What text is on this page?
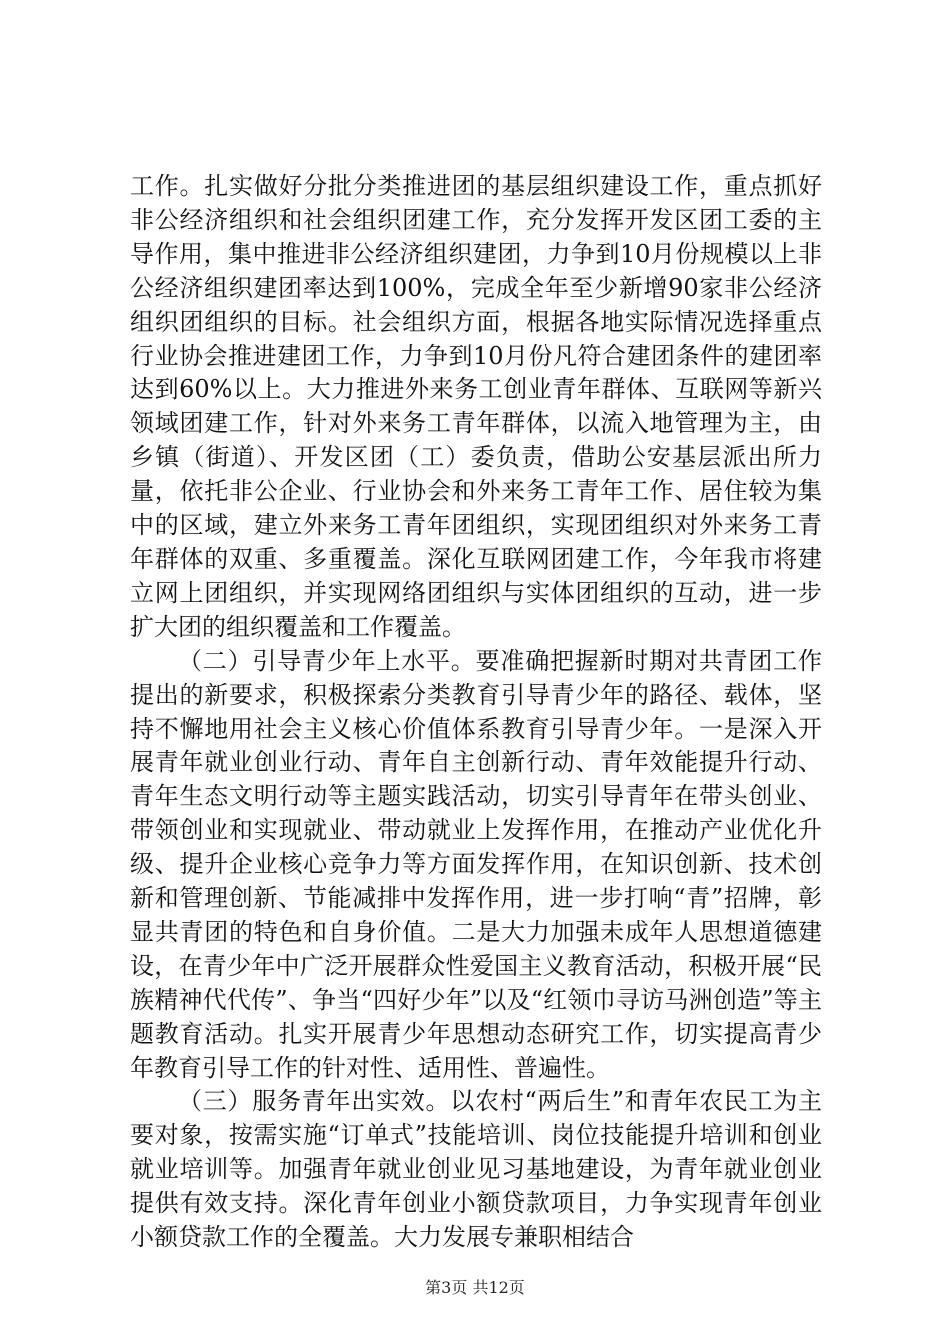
工作。扎实做好分批分类推进团的基层组织建设工作，重点抓好非公经济组织和社会组织团建工作，充分发挥开发区团工委的主导作用，集中推进非公经济组织建团，力争到10月份规模以上非公经济组织建团率达到100%，完成全年至少新增90家非公经济组织团组织的目标。社会组织方面，根据各地实际情况选择重点行业协会推进建团工作，力争到10月份凡符合建团条件的建团率达到60%以上。大力推进外来务工创业青年群体、互联网等新兴领域团建工作，针对外来务工青年群体，以流入地管理为主，由乡镇（街道）、开发区团（工）委负责，借助公安基层派出所力量，依托非公企业、行业协会和外来务工青年工作、居住较为集中的区域，建立外来务工青年团组织，实现团组织对外来务工青年群体的双重、多重覆盖。深化互联网团建工作，今年我市将建立网上团组织，并实现网络团组织与实体团组织的互动，进一步扩大团的组织覆盖和工作覆盖。

（二）引导青少年上水平。要准确把握新时期对共青团工作提出的新要求，积极探索分类教育引导青少年的路径、载体，坚持不懈地用社会主义核心价值体系教育引导青少年。一是深入开展青年就业创业行动、青年自主创新行动、青年效能提升行动、青年生态文明行动等主题实践活动，切实引导青年在带头创业、带领创业和实现就业、带动就业上发挥作用，在推动产业优化升级、提升企业核心竞争力等方面发挥作用，在知识创新、技术创新和管理创新、节能减排中发挥作用，进一步打响“青”招牌，彰显共青团的特色和自身价值。二是大力加强未成年人思想道德建设，在青少年中广泛开展群众性爱国主义教育活动，积极开展“民族精神代代传”、争当“四好少年”以及“红领巾寻访马洲创造”等主题教育活动。扎实开展青少年思想动态研究工作，切实提高青少年教育引导工作的针对性、适用性、普遍性。

（三）服务青年出实效。以农村“两后生”和青年农民工为主要对象，按需实施“订单式”技能培训、岗位技能提升培训和创业就业培训等。加强青年就业创业见习基地建设，为青年就业创业提供有效支持。深化青年创业小额贷款项目，力争实现青年创业小额贷款工作的全覆盖。大力发展专兼职相结合

第3页 共12页
